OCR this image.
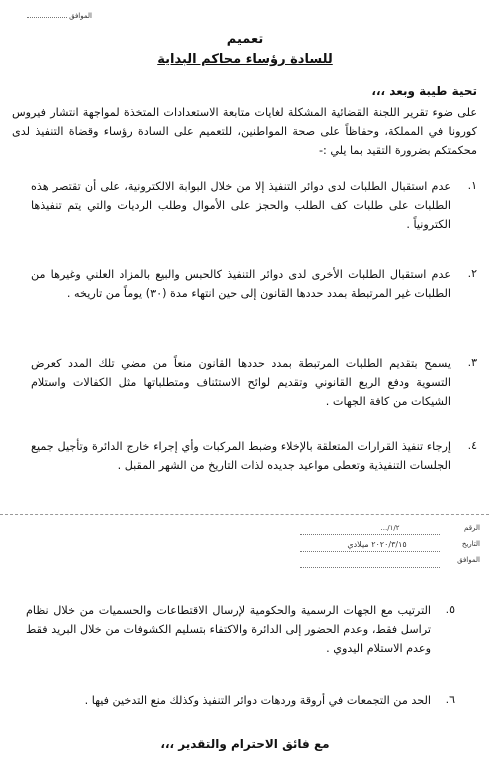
الموافق
تعميم
للسادة رؤساء محاكم البداية
تحية طيبة وبعد ،،،
على ضوء تقرير اللجنة القضائية المشكلة لغايات متابعة الاستعدادات المتخذة لمواجهة انتشار فيروس كورونا في المملكة، وحفاظاً على صحة المواطنين، للتعميم على السادة رؤساء وقضاة التنفيذ لدى محكمتكم بضرورة التقيد بما يلي :-
١.
عدم استقبال الطلبات لدى دوائر التنفيذ إلا من خلال البوابة الالكترونية، على أن تقتصر هذه الطلبات على طلبات كف الطلب والحجز على الأموال وطلب الرديات والتي يتم تنفيذها الكترونياً .
٢.
عدم استقبال الطلبات الأخرى لدى دوائر التنفيذ كالحبس والبيع بالمزاد العلني وغيرها من الطلبات غير المرتبطة بمدد حددها القانون إلى حين انتهاء مدة (٣٠) يوماً من تاريخه .
٣.
يسمح بتقديم الطلبات المرتبطة بمدد حددها القانون منعاً من مضي تلك المدد كعرض التسوية ودفع الربع القانوني وتقديم لوائح الاستئناف ومتطلباتها مثل الكفالات واستلام الشيكات من كافة الجهات .
٤.
إرجاء تنفيذ القرارات المتعلقة بالإخلاء وضبط المركبات وأي إجراء خارج الدائرة وتأجيل جميع الجلسات التنفيذية وتعطى مواعيد جديده لذات التاريخ من الشهر المقبل .
الرقم
١/٢/...
التاريخ
٢٠٢٠/٣/١٥ ميلادي
الموافق
٥.
الترتيب مع الجهات الرسمية والحكومية لإرسال الاقتطاعات والحسميات من خلال نظام تراسل فقط، وعدم الحضور إلى الدائرة والاكتفاء بتسليم الكشوفات من خلال البريد فقط وعدم الاستلام اليدوي .
٦.
الحد من التجمعات في أروقة وردهات دوائر التنفيذ وكذلك منع التدخين فيها .
مع فائق الاحترام والتقدير ،،،
